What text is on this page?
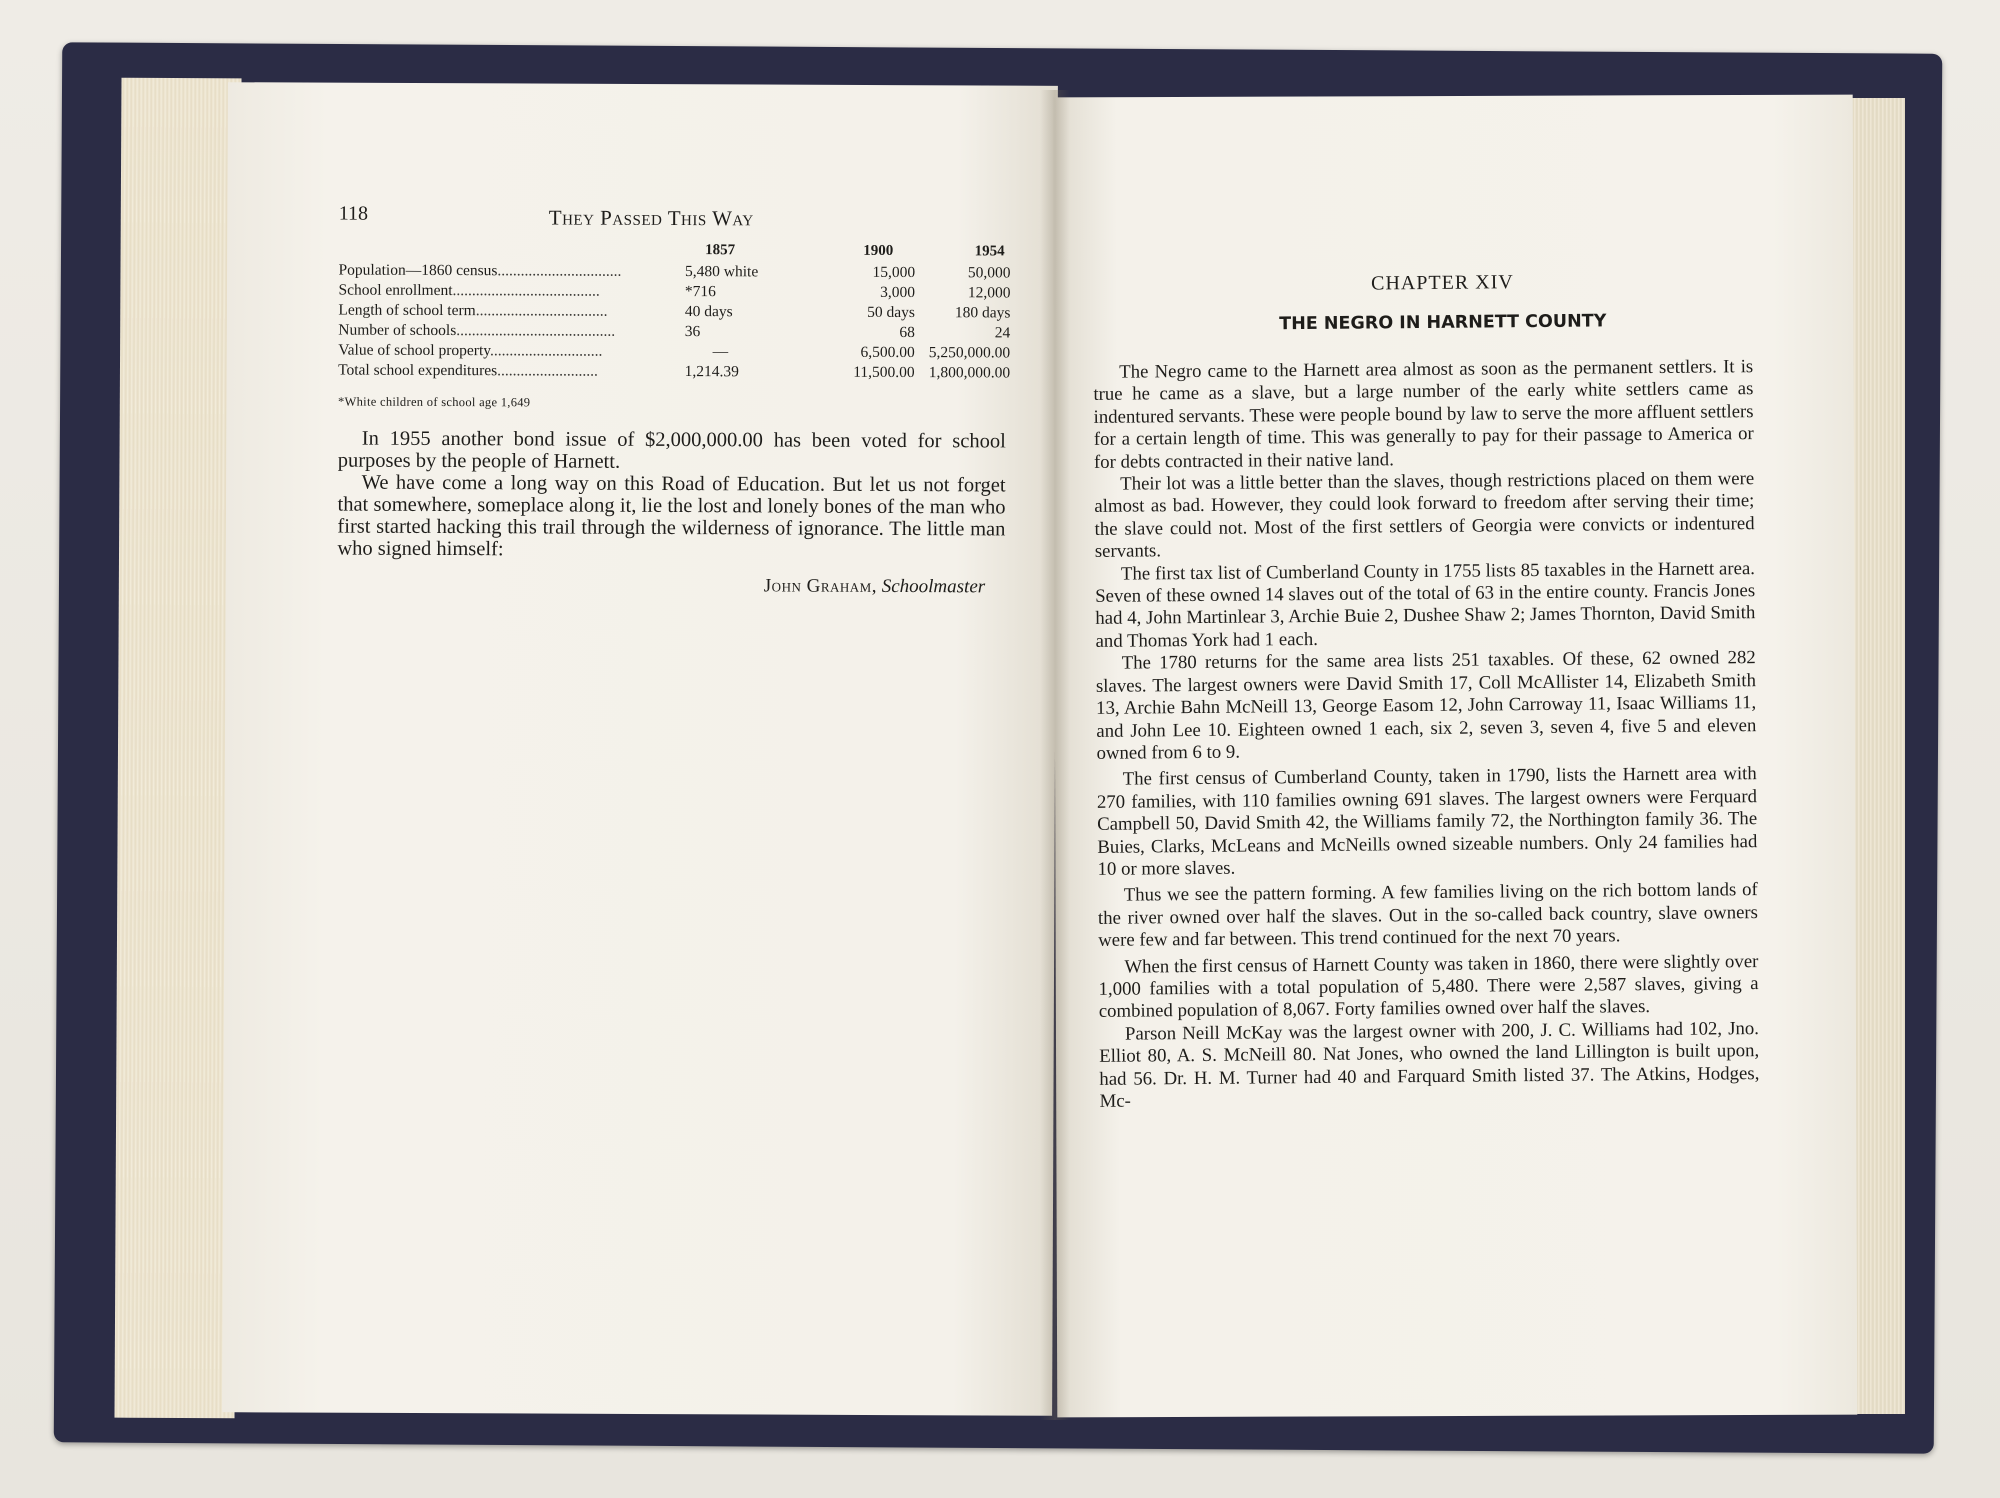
118	They Passed This Way
	1857	1900	1954
Population—1860 census................................	5,480 white	15,000	50,000
School enrollment......................................	*716	3,000	12,000
Length of school term..................................	40 days	50 days	180 days
Number of schools.........................................	36	68	24
Value of school property.............................	—	6,500.00	5,250,000.00
Total school expenditures..........................	1,214.39	11,500.00	1,800,000.00
*White children of school age 1,649

In 1955 another bond issue of $2,000,000.00 has been voted for school purposes by the people of Harnett.

We have come a long way on this Road of Education. But let us not forget that somewhere, someplace along it, lie the lost and lonely bones of the man who first started hacking this trail through the wilderness of ignorance. The little man who signed himself:

John Graham, Schoolmaster
CHAPTER XIV
THE NEGRO IN HARNETT COUNTY

The Negro came to the Harnett area almost as soon as the permanent settlers. It is true he came as a slave, but a large number of the early white settlers came as indentured servants. These were people bound by law to serve the more affluent settlers for a certain length of time. This was generally to pay for their passage to America or for debts contracted in their native land.

Their lot was a little better than the slaves, though restrictions placed on them were almost as bad. However, they could look forward to freedom after serving their time; the slave could not. Most of the first settlers of Georgia were convicts or indentured servants.

The first tax list of Cumberland County in 1755 lists 85 taxables in the Harnett area. Seven of these owned 14 slaves out of the total of 63 in the entire county. Francis Jones had 4, John Martinlear 3, Archie Buie 2, Dushee Shaw 2; James Thornton, David Smith and Thomas York had 1 each.

The 1780 returns for the same area lists 251 taxables. Of these, 62 owned 282 slaves. The largest owners were David Smith 17, Coll McAllister 14, Elizabeth Smith 13, Archie Bahn McNeill 13, George Easom 12, John Carroway 11, Isaac Williams 11, and John Lee 10. Eighteen owned 1 each, six 2, seven 3, seven 4, five 5 and eleven owned from 6 to 9.

The first census of Cumberland County, taken in 1790, lists the Harnett area with 270 families, with 110 families owning 691 slaves. The largest owners were Ferquard Campbell 50, David Smith 42, the Williams family 72, the Northington family 36. The Buies, Clarks, McLeans and McNeills owned sizeable numbers. Only 24 families had 10 or more slaves.

Thus we see the pattern forming. A few families living on the rich bottom lands of the river owned over half the slaves. Out in the so-called back country, slave owners were few and far between. This trend continued for the next 70 years.

When the first census of Harnett County was taken in 1860, there were slightly over 1,000 families with a total population of 5,480. There were 2,587 slaves, giving a combined population of 8,067. Forty families owned over half the slaves.

Parson Neill McKay was the largest owner with 200, J. C. Williams had 102, Jno. Elliot 80, A. S. McNeill 80. Nat Jones, who owned the land Lillington is built upon, had 56. Dr. H. M. Turner had 40 and Farquard Smith listed 37. The Atkins, Hodges, Mc-
